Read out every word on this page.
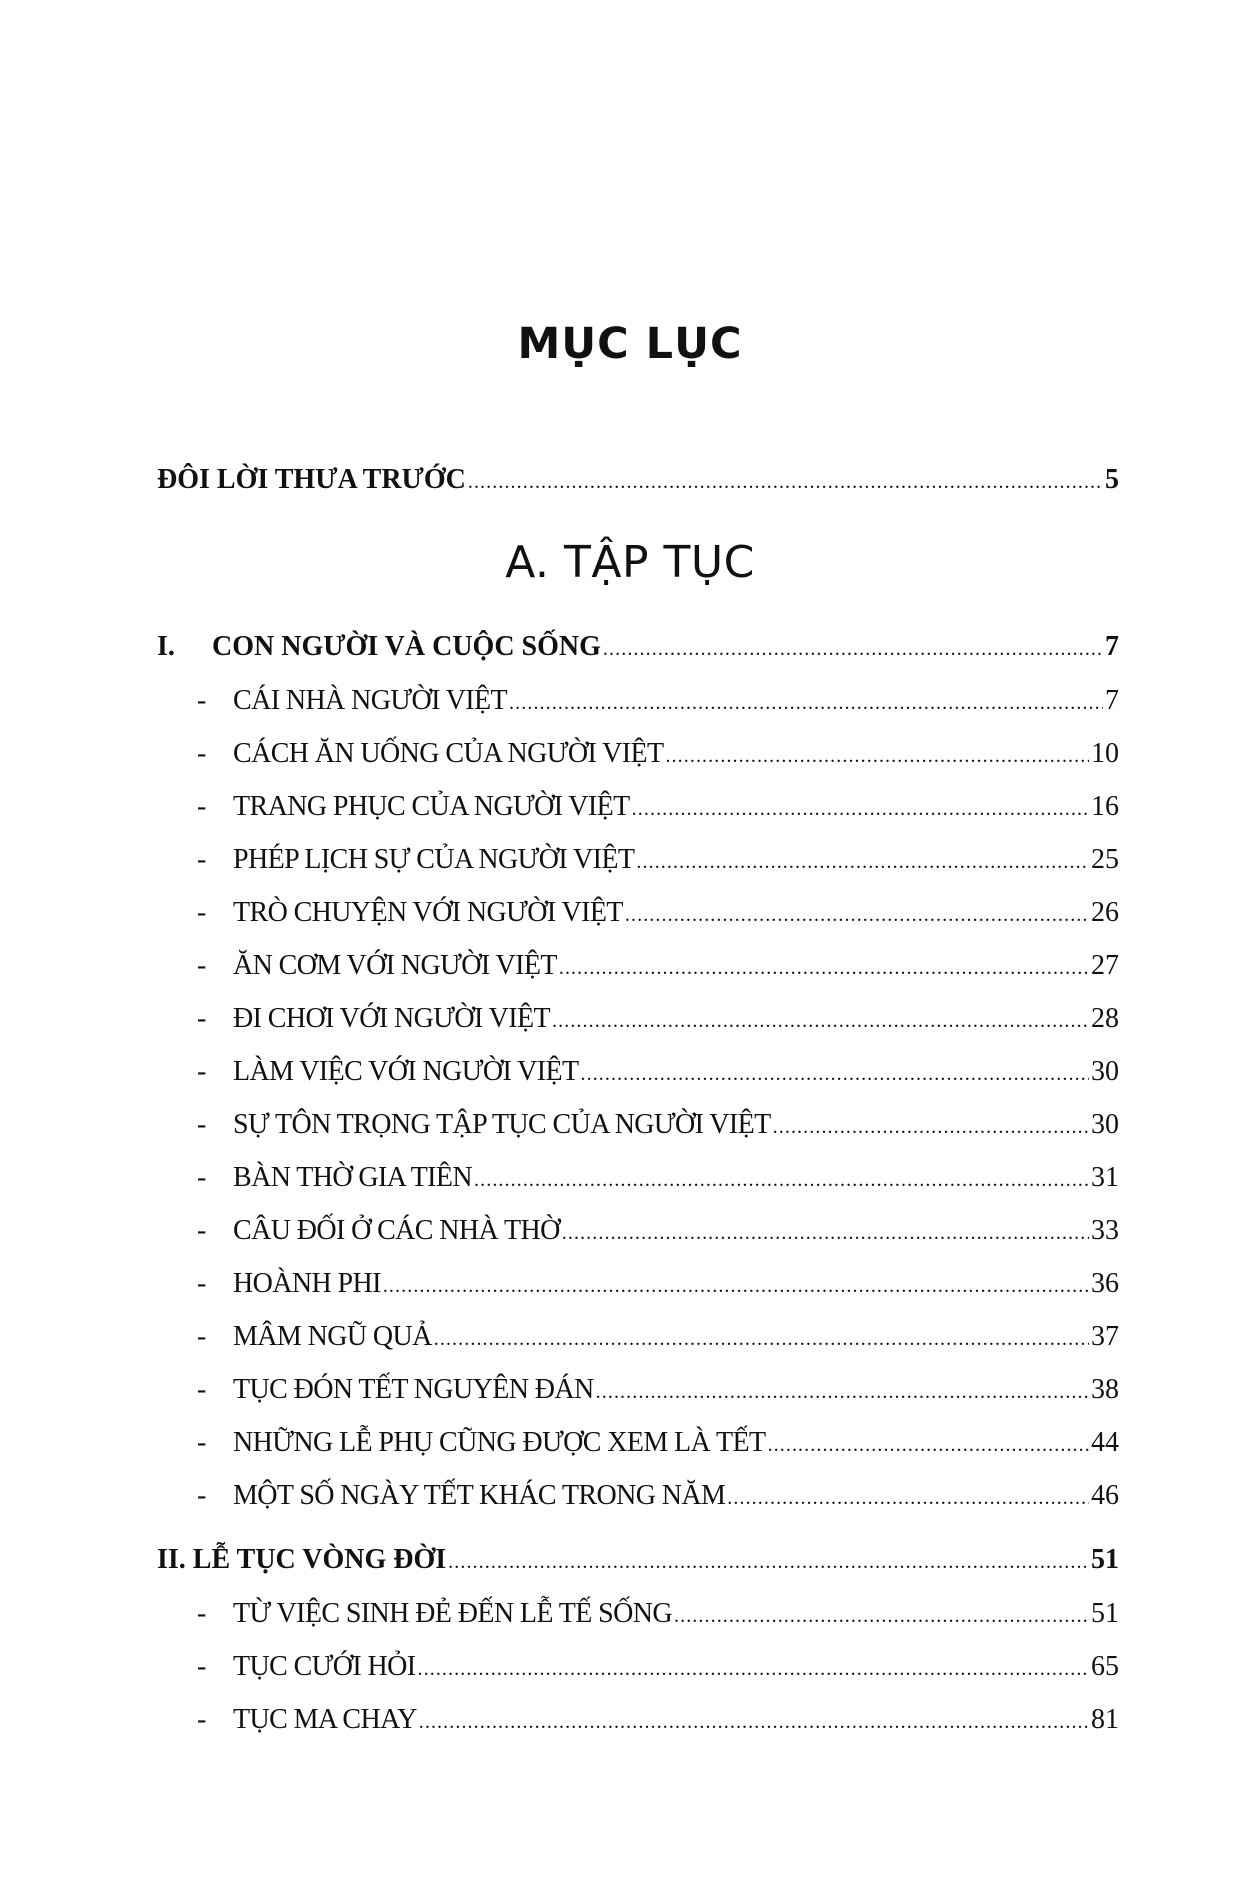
MỤC LỤC
ĐÔI LỜI THƯA TRƯỚC .....	5
A. TẬP TỤC
I.	CON NGƯỜI VÀ CUỘC SỐNG .....	7
- CÁI NHÀ NGƯỜI VIỆT .....	7
- CÁCH ĂN UỐNG CỦA NGƯỜI VIỆT .....	10
- TRANG PHỤC CỦA NGƯỜI VIỆT .....	16
- PHÉP LỊCH SỰ CỦA NGƯỜI VIỆT .....	25
- TRÒ CHUYỆN VỚI NGƯỜI VIỆT .....	26
- ĂN CƠM VỚI NGƯỜI VIỆT .....	27
- ĐI CHƠI VỚI NGƯỜI VIỆT .....	28
- LÀM VIỆC VỚI NGƯỜI VIỆT .....	30
- SỰ TÔN TRỌNG TẬP TỤC CỦA NGƯỜI VIỆT .....	30
- BÀN THỜ GIA TIÊN .....	31
- CÂU ĐỐI Ở CÁC NHÀ THỜ .....	33
- HOÀNH PHI .....	36
- MÂM NGŨ QUẢ .....	37
- TỤC ĐÓN TẾT NGUYÊN ĐÁN .....	38
- NHỮNG LỄ PHỤ CŨNG ĐƯỢC XEM LÀ TẾT .....	44
- MỘT SỐ NGÀY TẾT KHÁC TRONG NĂM .....	46
II. LỄ TỤC VÒNG ĐỜI .....	51
- TỪ VIỆC SINH ĐẺ ĐẾN LỄ TẾ SỐNG .....	51
- TỤC CƯỚI HỎI .....	65
- TỤC MA CHAY .....	81
